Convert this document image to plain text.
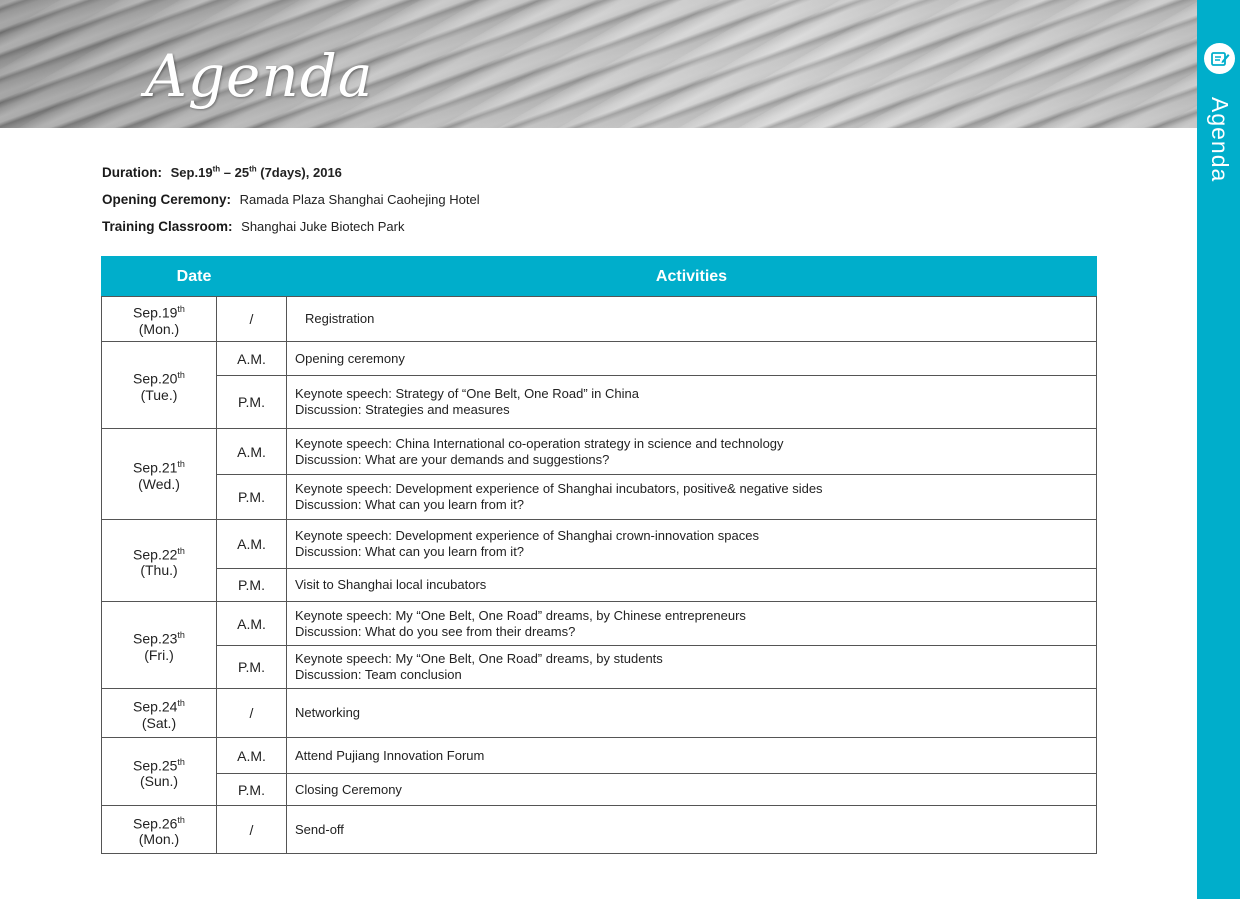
Agenda
Agenda
Duration: Sep.19th – 25th (7days), 2016
Opening Ceremony: Ramada Plaza Shanghai Caohejing Hotel
Training Classroom: Shanghai Juke Biotech Park
Date		Activities

Sep.19th
(Mon.)	/	Registration

Sep.20th
(Tue.)	A.M.	Opening ceremony

	P.M.	Keynote speech: Strategy of “One Belt, One Road” in China
Discussion: Strategies and measures

Sep.21th
(Wed.)	A.M.	Keynote speech: China International co-operation strategy in science and technology
Discussion: What are your demands and suggestions?

	P.M.	Keynote speech: Development experience of Shanghai incubators, positive& negative sides
Discussion: What can you learn from it?

Sep.22th
(Thu.)	A.M.	Keynote speech: Development experience of Shanghai crown-innovation spaces
Discussion: What can you learn from it?

	P.M.	Visit to Shanghai local incubators

Sep.23th
(Fri.)	A.M.	Keynote speech: My “One Belt, One Road” dreams, by Chinese entrepreneurs
Discussion: What do you see from their dreams?

	P.M.	Keynote speech: My “One Belt, One Road” dreams, by students
Discussion: Team conclusion

Sep.24th
(Sat.)	/	Networking

Sep.25th
(Sun.)	A.M.	Attend Pujiang Innovation Forum

	P.M.	Closing Ceremony

Sep.26th
(Mon.)	/	Send-off
